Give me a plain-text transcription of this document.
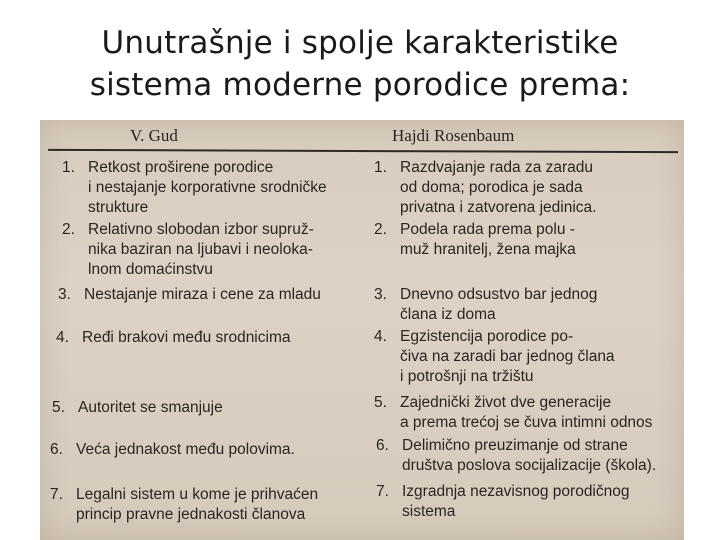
Unutrašnje i spolje karakteristike
sistema moderne porodice prema:
V. Gud	Hajdi Rosenbaum
1. Retkost proširene porodice
i nestajanje korporativne srodničke
strukture
2. Relativno slobodan izbor supruž-
nika baziran na ljubavi i neoloka-
lnom domaćinstvu
3. Nestajanje miraza i cene za mladu
4. Ređi brakovi među srodnicima
5. Autoritet se smanjuje
6. Veća jednakost među polovima.
7. Legalni sistem u kome je prihvaćen
princip pravne jednakosti članova
1. Razdvajanje rada za zaradu
od doma; porodica je sada
privatna i zatvorena jedinica.
2. Podela rada prema polu -
muž hranitelj, žena majka
3. Dnevno odsustvo bar jednog
člana iz doma
4. Egzistencija porodice po-
čiva na zaradi bar jednog člana
i potrošnji na tržištu
5. Zajednički život dve generacije
a prema trećoj se čuva intimni odnos
6. Delimično preuzimanje od strane
društva poslova socijalizacije (škola).
7. Izgradnja nezavisnog porodičnog
sistema
